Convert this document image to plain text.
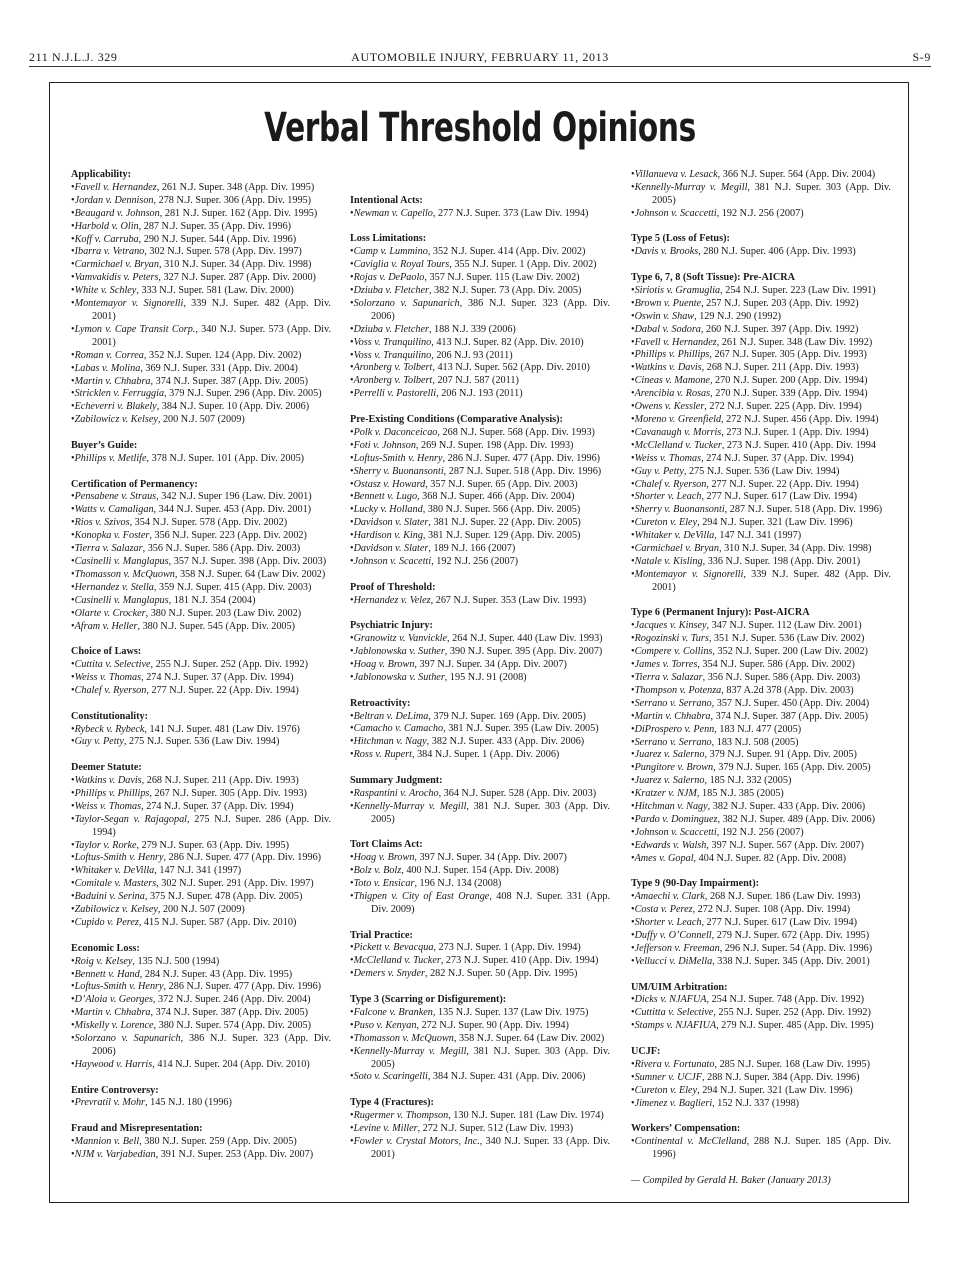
211 N.J.L.J. 329	AUTOMOBILE INJURY, FEBRUARY 11, 2013	S-9
Verbal Threshold Opinions

Applicability:

• Favell v. Hernandez, 261 N.J. Super. 348 (App. Div. 1995)

• Jordan v. Dennison, 278 N.J. Super. 306 (App. Div. 1995)

• Beaugard v. Johnson, 281 N.J. Super. 162 (App. Div. 1995)

• Harbold v. Olin, 287 N.J. Super. 35 (App. Div. 1996)

• Koff v. Carruba, 290 N.J. Super. 544 (App. Div. 1996)

• Ibarra v. Vetrano, 302 N.J. Super. 578 (App. Div. 1997)

• Carmichael v. Bryan, 310 N.J. Super. 34 (App. Div. 1998)

• Vamvakidis v. Peters, 327 N.J. Super. 287 (App. Div. 2000)

• White v. Schley, 333 N.J. Super. 581 (Law. Div. 2000)

• Montemayor v. Signorelli, 339 N.J. Super. 482 (App. Div. 2001)

• Lymon v. Cape Transit Corp., 340 N.J. Super. 573 (App. Div. 2001)

• Roman v. Correa, 352 N.J. Super. 124 (App. Div. 2002)

• Labas v. Molina, 369 N.J. Super. 331 (App. Div. 2004)

• Martin v. Chhabra, 374 N.J. Super. 387 (App. Div. 2005)

• Stricklen v. Ferruggia, 379 N.J. Super. 296 (App. Div. 2005)

• Echeverri v. Blakely, 384 N.J. Super. 10 (App. Div. 2006)

• Zabilowicz v. Kelsey, 200 N.J. 507 (2009)

Buyer’s Guide:

• Phillips v. Metlife, 378 N.J. Super. 101 (App. Div. 2005)

Certification of Permanency:

• Pensabene v. Straus, 342 N.J. Super 196 (Law. Div. 2001)

• Watts v. Camaligan, 344 N.J. Super. 453 (App. Div. 2001)

• Rios v. Szivos, 354 N.J. Super. 578 (App. Div. 2002)

• Konopka v. Foster, 356 N.J. Super. 223 (App. Div. 2002)

• Tierra v. Salazar, 356 N.J. Super. 586 (App. Div. 2003)

• Casinelli v. Manglapus, 357 N.J. Super. 398 (App. Div. 2003)

• Thomasson v. McQuown, 358 N.J. Super. 64 (Law Div. 2002)

• Hernandez v. Stella, 359 N.J. Super. 415 (App. Div. 2003)

• Casinelli v. Manglapus, 181 N.J. 354 (2004)

• Olarte v. Crocker, 380 N.J. Super. 203 (Law Div. 2002)

• Afram v. Heller, 380 N.J. Super. 545 (App. Div. 2005)

Choice of Laws:

• Cuttita v. Selective, 255 N.J. Super. 252 (App. Div. 1992)

• Weiss v. Thomas, 274 N.J. Super. 37 (App. Div. 1994)

• Chalef v. Ryerson, 277 N.J. Super. 22 (App. Div. 1994)

Constitutionality:

• Rybeck v. Rybeck, 141 N.J. Super. 481 (Law Div. 1976)

• Guy v. Petty, 275 N.J. Super. 536 (Law Div. 1994)

Deemer Statute:

• Watkins v. Davis, 268 N.J. Super. 211 (App. Div. 1993)

• Phillips v. Phillips, 267 N.J. Super. 305 (App. Div. 1993)

• Weiss v. Thomas, 274 N.J. Super. 37 (App. Div. 1994)

• Taylor-Segan v. Rajagopal, 275 N.J. Super. 286 (App. Div. 1994)

• Taylor v. Rorke, 279 N.J. Super. 63 (App. Div. 1995)

• Loftus-Smith v. Henry, 286 N.J. Super. 477 (App. Div. 1996)

• Whitaker v. DeVilla, 147 N.J. 341 (1997)

• Comitale v. Masters, 302 N.J. Super. 291 (App. Div. 1997)

• Baduini v. Serina, 375 N.J. Super. 478 (App. Div. 2005)

• Zabilowicz v. Kelsey, 200 N.J. 507 (2009)

• Cupido v. Perez, 415 N.J. Super. 587 (App. Div. 2010)

Economic Loss:

• Roig v. Kelsey, 135 N.J. 500 (1994)

• Bennett v. Hand, 284 N.J. Super. 43 (App. Div. 1995)

• Loftus-Smith v. Henry, 286 N.J. Super. 477 (App. Div. 1996)

• D’Aloia v. Georges, 372 N.J. Super. 246 (App. Div. 2004)

• Martin v. Chhabra, 374 N.J. Super. 387 (App. Div. 2005)

• Miskelly v. Lorence, 380 N.J. Super. 574 (App. Div. 2005)

• Solorzano v. Sapunarich, 386 N.J. Super. 323 (App. Div. 2006)

• Haywood v. Harris, 414 N.J. Super. 204 (App. Div. 2010)

Entire Controversy:

• Prevratil v. Mohr, 145 N.J. 180 (1996)

Fraud and Misrepresentation:

• Mannion v. Bell, 380 N.J. Super. 259 (App. Div. 2005)

• NJM v. Varjabedian, 391 N.J. Super. 253 (App. Div. 2007)

Intentional Acts:

• Newman v. Capello, 277 N.J. Super. 373 (Law Div. 1994)

Loss Limitations:

• Camp v. Lummino, 352 N.J. Super. 414 (App. Div. 2002)

• Caviglia v. Royal Tours, 355 N.J. Super. 1 (App. Div. 2002)

• Rojas v. DePaolo, 357 N.J. Super. 115 (Law Div. 2002)

• Dziuba v. Fletcher, 382 N.J. Super. 73 (App. Div. 2005)

• Solorzano v. Sapunarich, 386 N.J. Super. 323 (App. Div. 2006)

• Dziuba v. Fletcher, 188 N.J. 339 (2006)

• Voss v. Tranquilino, 413 N.J. Super. 82 (App. Div. 2010)

• Voss v. Tranquilino, 206 N.J. 93 (2011)

• Aronberg v. Tolbert, 413 N.J. Super. 562 (App. Div. 2010)

• Aronberg v. Tolbert, 207 N.J. 587 (2011)

• Perrelli v. Pastorelli, 206 N.J. 193 (2011)

Pre-Existing Conditions (Comparative Analysis):

• Polk v. Daconceicao, 268 N.J. Super. 568 (App. Div. 1993)

• Foti v. Johnson, 269 N.J. Super. 198 (App. Div. 1993)

• Loftus-Smith v. Henry, 286 N.J. Super. 477 (App. Div. 1996)

• Sherry v. Buonansonti, 287 N.J. Super. 518 (App. Div. 1996)

• Ostasz v. Howard, 357 N.J. Super. 65 (App. Div. 2003)

• Bennett v. Lugo, 368 N.J. Super. 466 (App. Div. 2004)

• Lucky v. Holland, 380 N.J. Super. 566 (App. Div. 2005)

• Davidson v. Slater, 381 N.J. Super. 22 (App. Div. 2005)

• Hardison v. King, 381 N.J. Super. 129 (App. Div. 2005)

• Davidson v. Slater, 189 N.J. 166 (2007)

• Johnson v. Scacetti, 192 N.J. 256 (2007)

Proof of Threshold:

• Hernandez v. Velez, 267 N.J. Super. 353 (Law Div. 1993)

Psychiatric Injury:

• Granowitz v. Vanvickle, 264 N.J. Super. 440 (Law Div. 1993)

• Jablonowska v. Suther, 390 N.J. Super. 395 (App. Div. 2007)

• Hoag v. Brown, 397 N.J. Super. 34 (App. Div. 2007)

• Jablonowska v. Suther, 195 N.J. 91 (2008)

Retroactivity:

• Beltran v. DeLima, 379 N.J. Super. 169 (App. Div. 2005)

• Camacho v. Camacho, 381 N.J. Super. 395 (Law Div. 2005)

• Hitchman v. Nagy, 382 N.J. Super. 433 (App. Div. 2006)

• Ross v. Rupert, 384 N.J. Super. 1 (App. Div. 2006)

Summary Judgment:

• Raspantini v. Arocho, 364 N.J. Super. 528 (App. Div. 2003)

• Kennelly-Murray v. Megill, 381 N.J. Super. 303 (App. Div. 2005)

Tort Claims Act:

• Hoag v. Brown, 397 N.J. Super. 34 (App. Div. 2007)

• Bolz v. Bolz, 400 N.J. Super. 154 (App. Div. 2008)

• Toto v. Ensicar, 196 N.J. 134 (2008)

• Thigpen v. City of East Orange, 408 N.J. Super. 331 (App. Div. 2009)

Trial Practice:

• Pickett v. Bevacqua, 273 N.J. Super. 1 (App. Div. 1994)

• McClelland v. Tucker, 273 N.J. Super. 410 (App. Div. 1994)

• Demers v. Snyder, 282 N.J. Super. 50 (App. Div. 1995)

Type 3 (Scarring or Disfigurement):

• Falcone v. Branken, 135 N.J. Super. 137 (Law Div. 1975)

• Puso v. Kenyan, 272 N.J. Super. 90 (App. Div. 1994)

• Thomasson v. McQuown, 358 N.J. Super. 64 (Law Div. 2002)

• Kennelly-Murray v. Megill, 381 N.J. Super. 303 (App. Div. 2005)

• Soto v. Scaringelli, 384 N.J. Super. 431 (App. Div. 2006)

Type 4 (Fractures):

• Rugermer v. Thompson, 130 N.J. Super. 181 (Law Div. 1974)

• Levine v. Miller, 272 N.J. Super. 512 (Law Div. 1993)

• Fowler v. Crystal Motors, Inc., 340 N.J. Super. 33 (App. Div. 2001)

• Villanueva v. Lesack, 366 N.J. Super. 564 (App. Div. 2004)

• Kennelly-Murray v. Megill, 381 N.J. Super. 303 (App. Div. 2005)

• Johnson v. Scaccetti, 192 N.J. 256 (2007)

Type 5 (Loss of Fetus):

• Davis v. Brooks, 280 N.J. Super. 406 (App. Div. 1993)

Type 6, 7, 8 (Soft Tissue): Pre-AICRA

• Siriotis v. Gramuglia, 254 N.J. Super. 223 (Law Div. 1991)

• Brown v. Puente, 257 N.J. Super. 203 (App. Div. 1992)

• Oswin v. Shaw, 129 N.J. 290 (1992)

• Dabal v. Sodora, 260 N.J. Super. 397 (App. Div. 1992)

• Favell v. Hernandez, 261 N.J. Super. 348 (Law Div. 1992)

• Phillips v. Phillips, 267 N.J. Super. 305 (App. Div. 1993)

• Watkins v. Davis, 268 N.J. Super. 211 (App. Div. 1993)

• Cineas v. Mamone, 270 N.J. Super. 200 (App. Div. 1994)

• Arencibia v. Rosas, 270 N.J. Super. 339 (App. Div. 1994)

• Owens v. Kessler, 272 N.J. Super. 225 (App. Div. 1994)

• Moreno v. Greenfield, 272 N.J. Super. 456 (App. Div. 1994)

• Cavanaugh v. Morris, 273 N.J. Super. 1 (App. Div. 1994)

• McClelland v. Tucker, 273 N.J. Super. 410 (App. Div. 1994

• Weiss v. Thomas, 274 N.J. Super. 37 (App. Div. 1994)

• Guy v. Petty, 275 N.J. Super. 536 (Law Div. 1994)

• Chalef v. Ryerson, 277 N.J. Super. 22 (App. Div. 1994)

• Shorter v. Leach, 277 N.J. Super. 617 (Law Div. 1994)

• Sherry v. Buonansonti, 287 N.J. Super. 518 (App. Div. 1996)

• Cureton v. Eley, 294 N.J. Super. 321 (Law Div. 1996)

• Whitaker v. DeVilla, 147 N.J. 341 (1997)

• Carmichael v. Bryan, 310 N.J. Super. 34 (App. Div. 1998)

• Natale v. Kisling, 336 N.J. Super. 198 (App. Div. 2001)

• Montemayor v. Signorelli, 339 N.J. Super. 482 (App. Div. 2001)

Type 6 (Permanent Injury): Post-AICRA

• Jacques v. Kinsey, 347 N.J. Super. 112 (Law Div. 2001)

• Rogozinski v. Turs, 351 N.J. Super. 536 (Law Div. 2002)

• Compere v. Collins, 352 N.J. Super. 200 (Law Div. 2002)

• James v. Torres, 354 N.J. Super. 586 (App. Div. 2002)

• Tierra v. Salazar, 356 N.J. Super. 586 (App. Div. 2003)

• Thompson v. Potenza, 837 A.2d 378 (App. Div. 2003)

• Serrano v. Serrano, 357 N.J. Super. 450 (App. Div. 2004)

• Martin v. Chhabra, 374 N.J. Super. 387 (App. Div. 2005)

• DiProspero v. Penn, 183 N.J. 477 (2005)

• Serrano v. Serrano, 183 N.J. 508 (2005)

• Juarez v. Salerno, 379 N.J. Super. 91 (App. Div. 2005)

• Pungitore v. Brown, 379 N.J. Super. 165 (App. Div. 2005)

• Juarez v. Salerno, 185 N.J. 332 (2005)

• Kratzer v. NJM, 185 N.J. 385 (2005)

• Hitchman v. Nagy, 382 N.J. Super. 433 (App. Div. 2006)

• Pardo v. Dominguez, 382 N.J. Super. 489 (App. Div. 2006)

• Johnson v. Scaccetti, 192 N.J. 256 (2007)

• Edwards v. Walsh, 397 N.J. Super. 567 (App. Div. 2007)

• Ames v. Gopal, 404 N.J. Super. 82 (App. Div. 2008)

Type 9 (90-Day Impairment):

• Amaechi v. Clark, 268 N.J. Super. 186 (Law Div. 1993)

• Costa v. Perez, 272 N.J. Super. 108 (App. Div. 1994)

• Shorter v. Leach, 277 N.J. Super. 617 (Law Div. 1994)

• Duffy v. O’Connell, 279 N.J. Super. 672 (App. Div. 1995)

• Jefferson v. Freeman, 296 N.J. Super. 54 (App. Div. 1996)

• Vellucci v. DiMella, 338 N.J. Super. 345 (App. Div. 2001)

UM/UIM Arbitration:

• Dicks v. NJAFUA, 254 N.J. Super. 748 (App. Div. 1992)

• Cuttitta v. Selective, 255 N.J. Super. 252 (App. Div. 1992)

• Stamps v. NJAFIUA, 279 N.J. Super. 485 (App. Div. 1995)

UCJF:

• Rivera v. Fortunato, 285 N.J. Super. 168 (Law Div. 1995)

• Sumner v. UCJF, 288 N.J. Super. 384 (App. Div. 1996)

• Cureton v. Eley, 294 N.J. Super. 321 (Law Div. 1996)

• Jimenez v. Baglieri, 152 N.J. 337 (1998)

Workers’ Compensation:

• Continental v. McClelland, 288 N.J. Super. 185 (App. Div. 1996)

— Compiled by Gerald H. Baker (January 2013)
